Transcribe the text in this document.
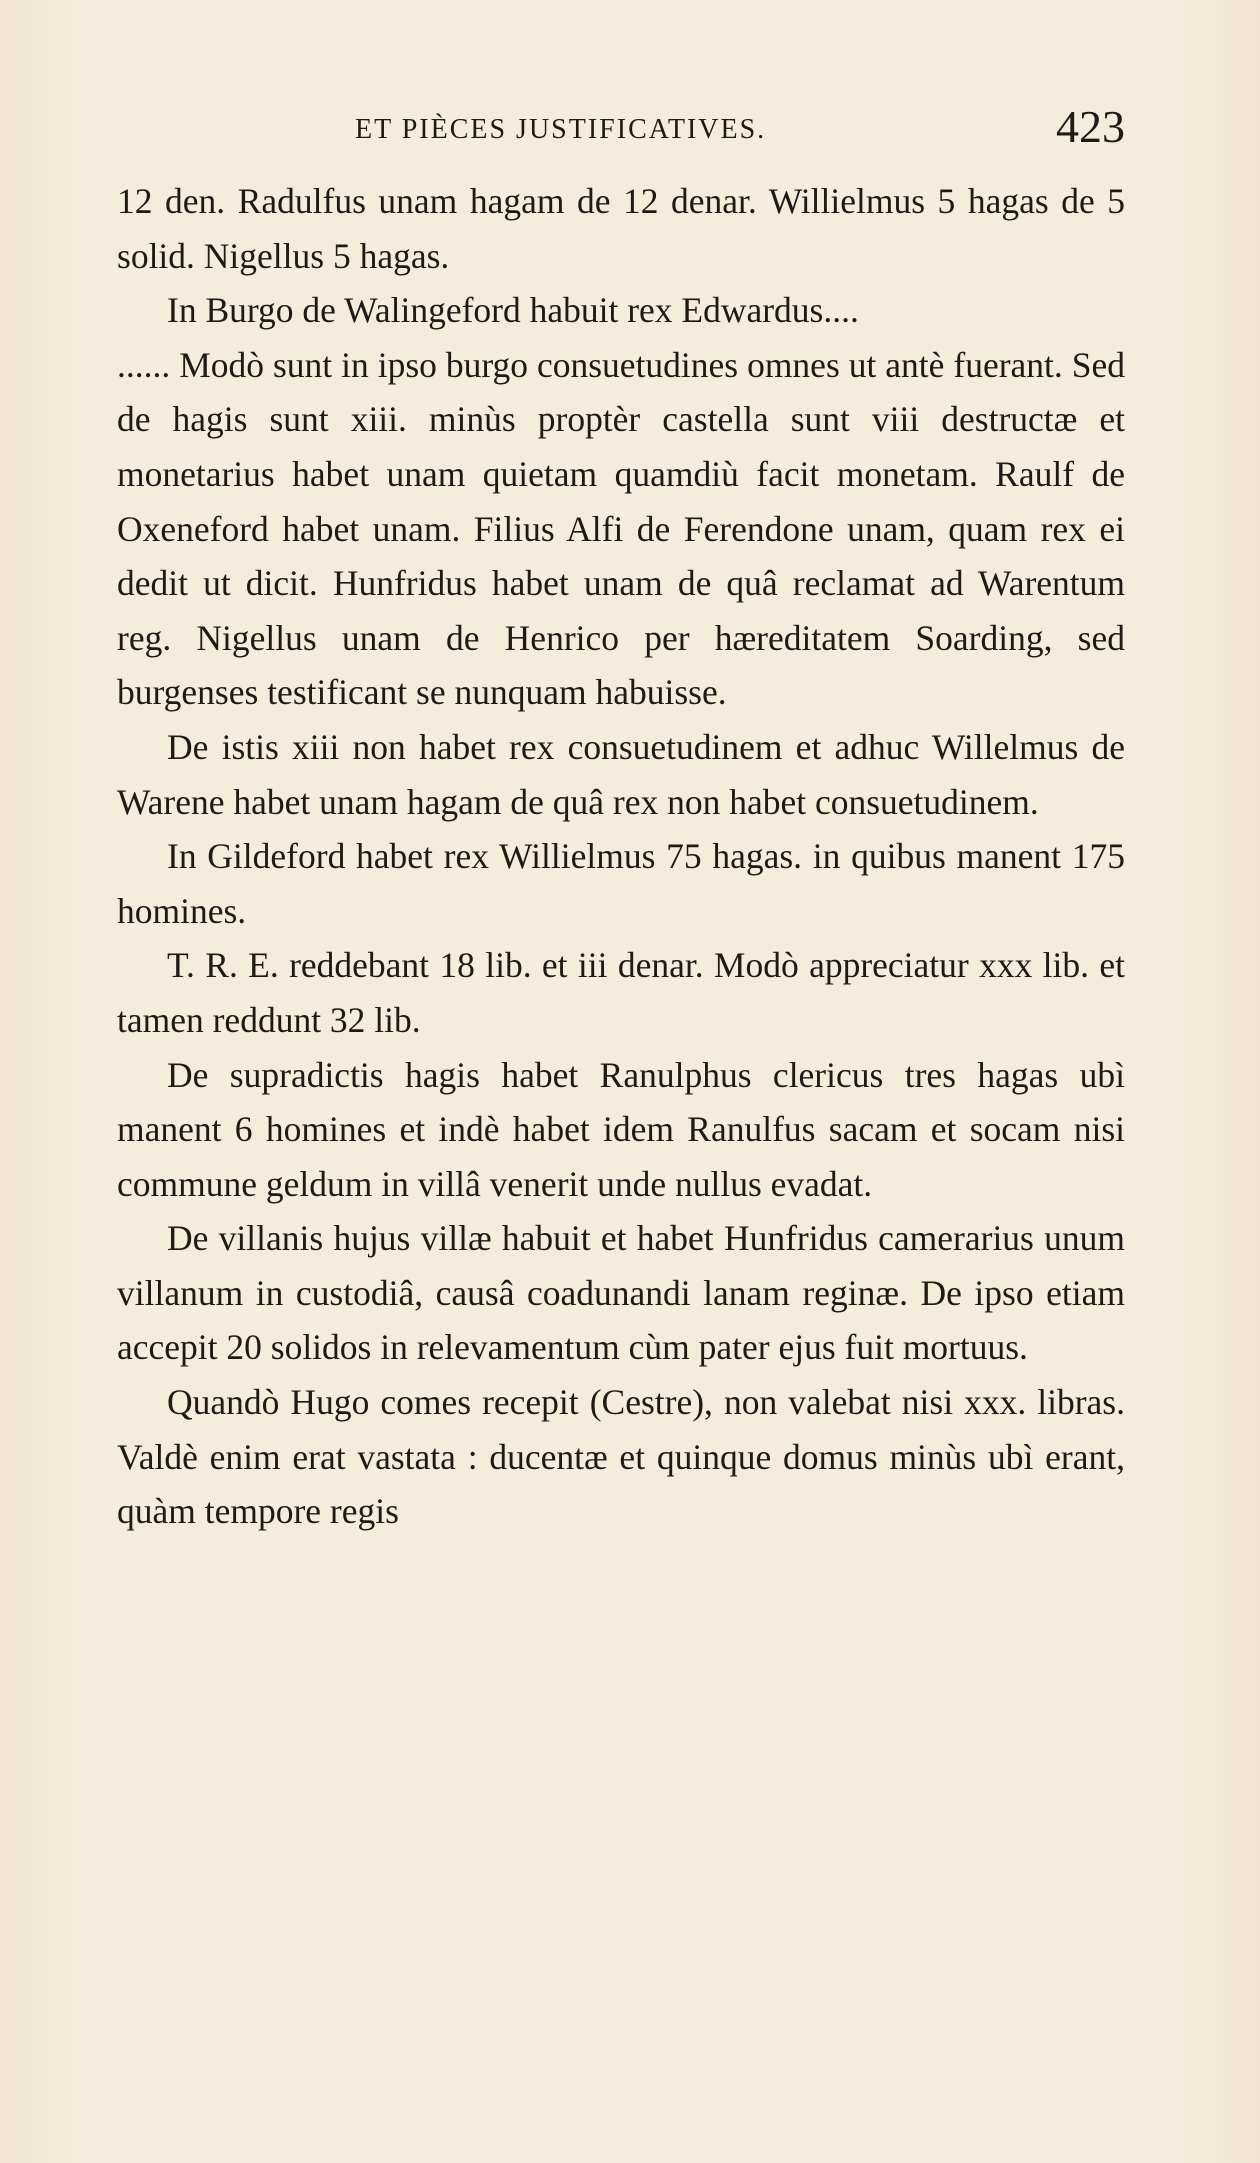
ET PIÈCES JUSTIFICATIVES.	423

12 den. Radulfus unam hagam de 12 denar. Willielmus 5 hagas de 5 solid. Nigellus 5 hagas.

In Burgo de Walingeford habuit rex Edwardus....

...... Modò sunt in ipso burgo consuetudines omnes ut antè fuerant. Sed de hagis sunt xiii. minùs proptèr castella sunt viii destructæ et monetarius habet unam quietam quamdiù facit monetam. Raulf de Oxeneford habet unam. Filius Alfi de Ferendone unam, quam rex ei dedit ut dicit. Hunfridus habet unam de quâ reclamat ad Warentum reg. Nigellus unam de Henrico per hæreditatem Soarding, sed burgenses testificant se nunquam habuisse.

De istis xiii non habet rex consuetudinem et adhuc Willelmus de Warene habet unam hagam de quâ rex non habet consuetudinem.

In Gildeford habet rex Willielmus 75 hagas. in quibus manent 175 homines.

T. R. E. reddebant 18 lib. et iii denar. Modò appreciatur xxx lib. et tamen reddunt 32 lib.

De supradictis hagis habet Ranulphus clericus tres hagas ubì manent 6 homines et indè habet idem Ranulfus sacam et socam nisi commune geldum in villâ venerit unde nullus evadat.

De villanis hujus villæ habuit et habet Hunfridus camerarius unum villanum in custodiâ, causâ coadunandi lanam reginæ. De ipso etiam accepit 20 solidos in relevamentum cùm pater ejus fuit mortuus.

Quandò Hugo comes recepit (Cestre), non valebat nisi xxx. libras. Valdè enim erat vastata : ducentæ et quinque domus minùs ubì erant, quàm tempore regis
